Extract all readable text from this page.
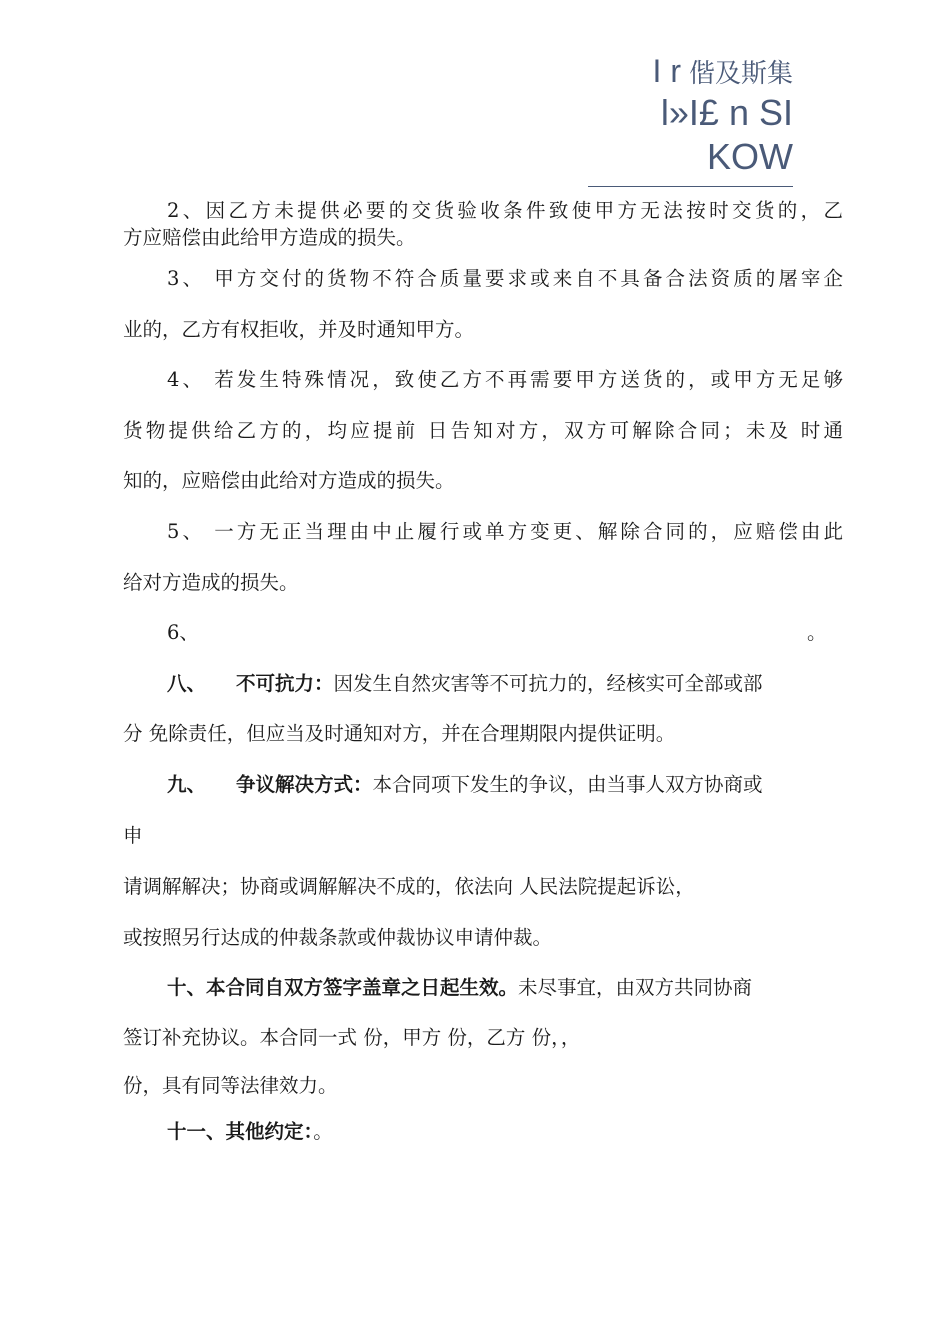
I r 偕及斯集
l»I£ n SI
KOW

2、因乙方未提供必要的交货验收条件致使甲方无法按时交货的，乙

方应赔偿由此给甲方造成的损失。

3、 甲方交付的货物不符合质量要求或来自不具备合法资质的屠宰企

业的，乙方有权拒收，并及时通知甲方。

4、 若发生特殊情况，致使乙方不再需要甲方送货的，或甲方无足够

货物提供给乙方的，均应提前 日告知对方，双方可解除合同；未及 时通

知的，应赔偿由此给对方造成的损失。

5、 一方无正当理由中止履行或单方变更、解除合同的，应赔偿由此

给对方造成的损失。

6、	。

八、 不可抗力：因发生自然灾害等不可抗力的，经核实可全部或部

分 免除责任，但应当及时通知对方，并在合理期限内提供证明。

九、 争议解决方式：本合同项下发生的争议，由当事人双方协商或

申

请调解解决；协商或调解解决不成的，依法向 人民法院提起诉讼，

或按照另行达成的仲裁条款或仲裁协议申请仲裁。

十、本合同自双方签字盖章之日起生效。未尽事宜，由双方共同协商

签订补充协议。本合同一式 份，甲方 份，乙方 份，，

份，具有同等法律效力。

十一、其他约定：。
